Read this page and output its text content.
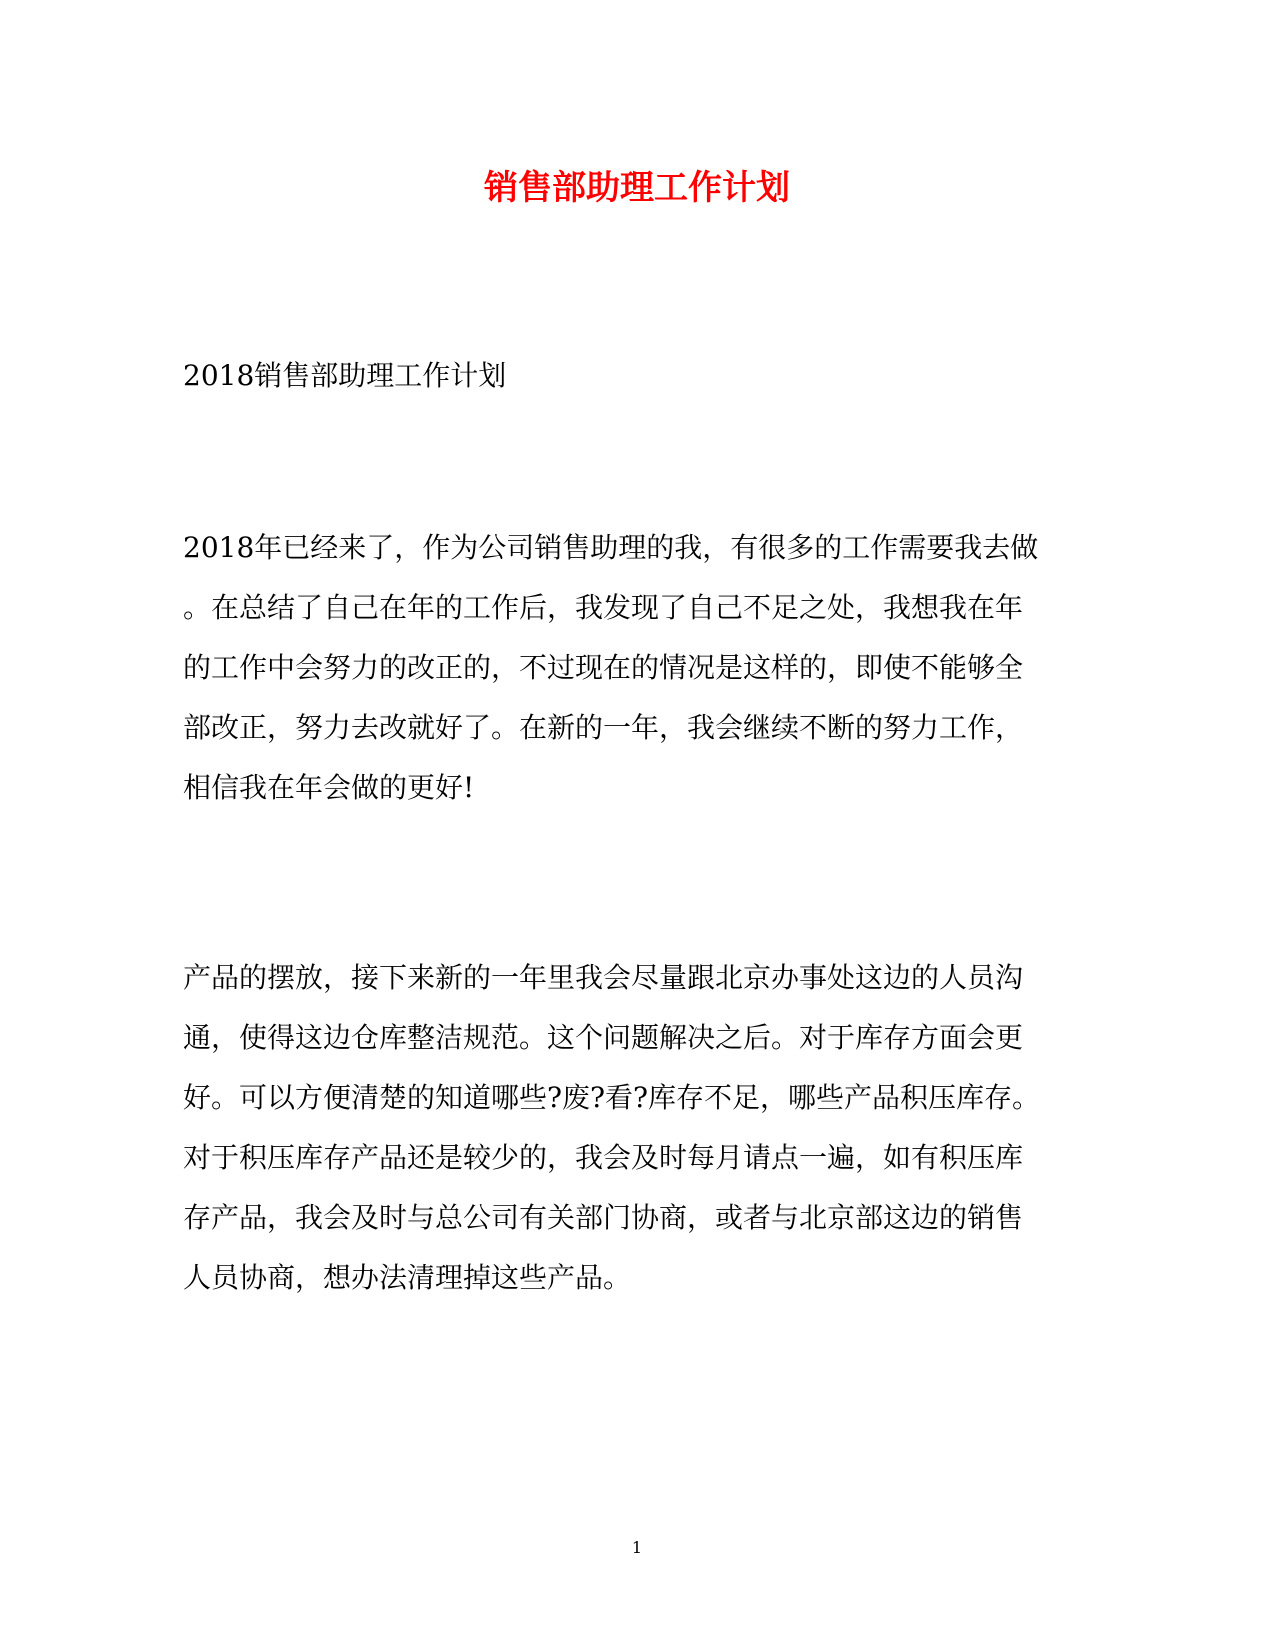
销售部助理工作计划
2018销售部助理工作计划
2018年已经来了，作为公司销售助理的我，有很多的工作需要我去做
。在总结了自己在年的工作后，我发现了自己不足之处，我想我在年
的工作中会努力的改正的，不过现在的情况是这样的，即使不能够全
部改正，努力去改就好了。在新的一年，我会继续不断的努力工作，
相信我在年会做的更好!
产品的摆放，接下来新的一年里我会尽量跟北京办事处这边的人员沟
通，使得这边仓库整洁规范。这个问题解决之后。对于库存方面会更
好。可以方便清楚的知道哪些?废?看?库存不足，哪些产品积压库存。
对于积压库存产品还是较少的，我会及时每月请点一遍，如有积压库
存产品，我会及时与总公司有关部门协商，或者与北京部这边的销售
人员协商，想办法清理掉这些产品。
1
